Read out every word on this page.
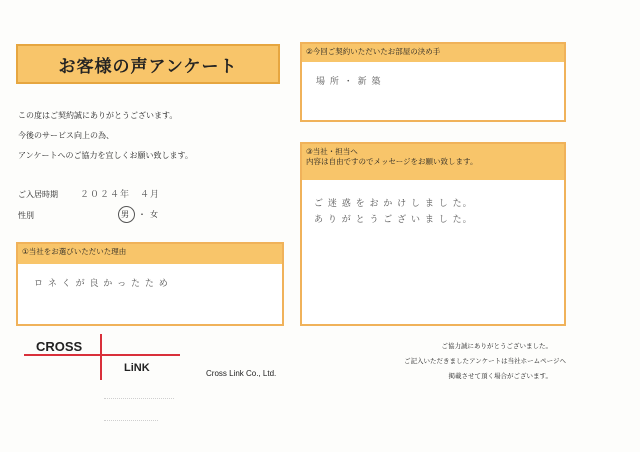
お客様の声アンケート
この度はご契約誠にありがとうございます。
今後のサービス向上の為、
アンケートへのご協力を宜しくお願い致します。
ご入居時期 ２０２４年 ４月
性別	男 ・ 女
①当社をお選びいただいた理由
ロ ネ く が 良 か っ た た め
②今回ご契約いただいたお部屋の決め手
場 所 ・ 新 築
③当社・担当へ
内容は自由ですのでメッセージをお願い致します。
ご 迷 惑 を お か け し ま し た。
あ り が と う ご ざ い ま し た。
CROSS
LiNK	Cross Link Co., Ltd.
ご協力誠にありがとうございました。
ご記入いただきましたアンケートは当社ホームページへ
掲載させて頂く場合がございます。
